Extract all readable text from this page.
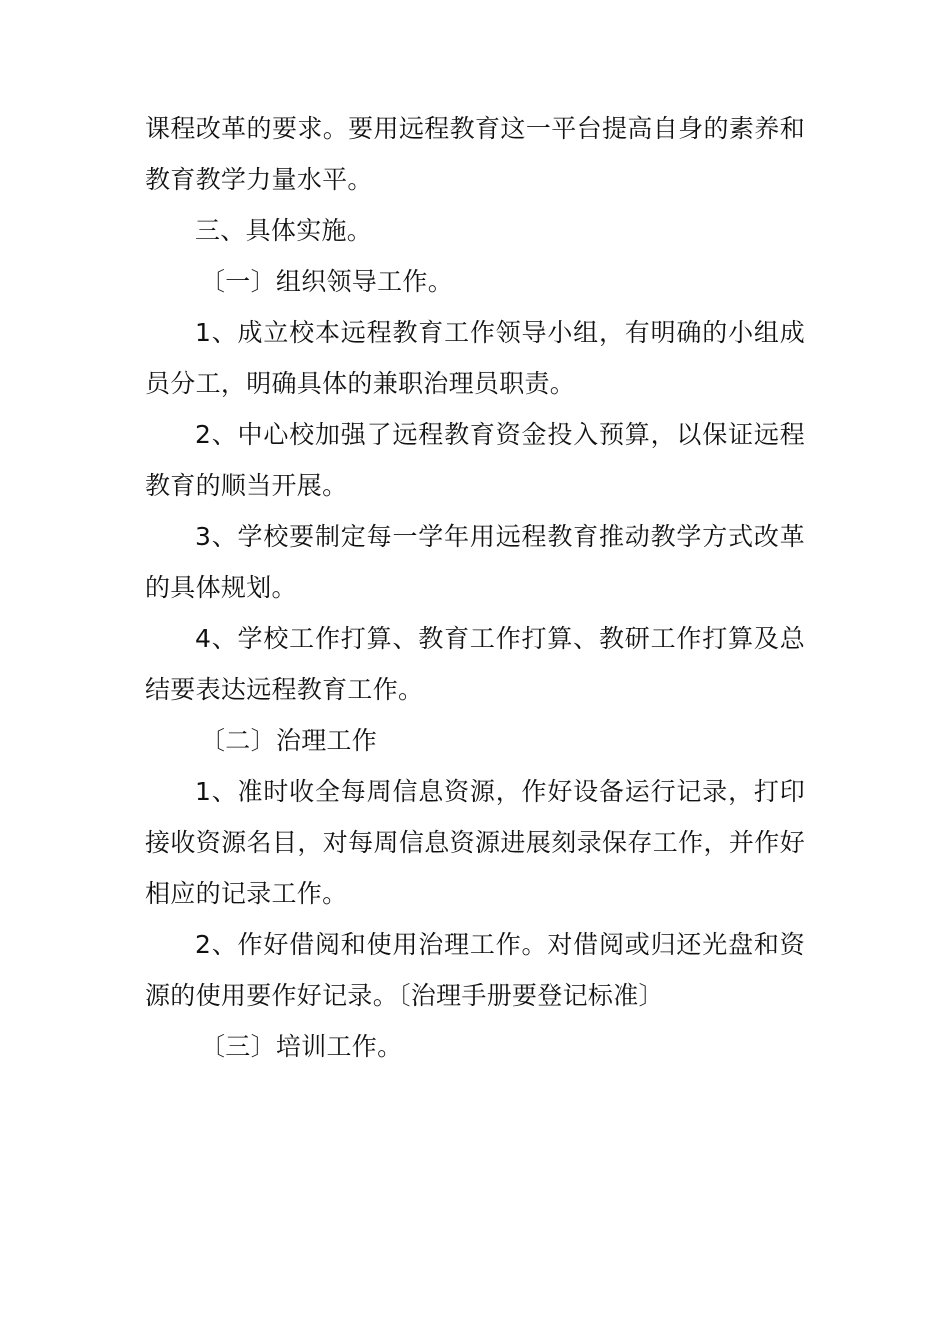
课程改革的要求。要用远程教育这一平台提高自身的素养和教育教学力量水平。

三、具体实施。

〔一〕组织领导工作。

1、成立校本远程教育工作领导小组，有明确的小组成员分工，明确具体的兼职治理员职责。

2、中心校加强了远程教育资金投入预算，以保证远程教育的顺当开展。

3、学校要制定每一学年用远程教育推动教学方式改革的具体规划。

4、学校工作打算、教育工作打算、教研工作打算及总结要表达远程教育工作。

〔二〕治理工作

1、准时收全每周信息资源，作好设备运行记录，打印接收资源名目，对每周信息资源进展刻录保存工作，并作好相应的记录工作。

2、作好借阅和使用治理工作。对借阅或归还光盘和资源的使用要作好记录。〔治理手册要登记标准〕

〔三〕培训工作。
